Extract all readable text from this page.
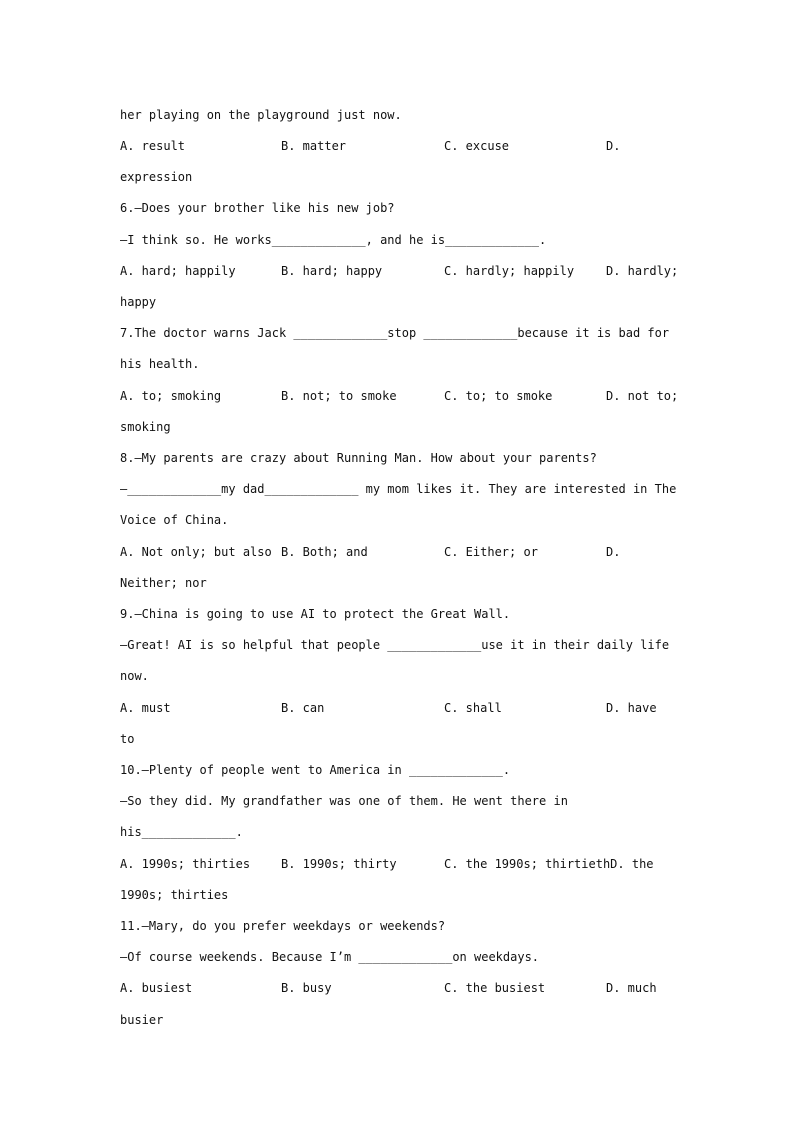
her playing on the playground just now.
A. result	B. matter	C. excuse	D.
expression
6.—Does your brother like his new job?
—I think so. He works_____________, and he is_____________.
A. hard; happily	B. hard; happy	C. hardly; happily	D. hardly;
happy
7.The doctor warns Jack _____________stop _____________because it is bad for
his health.
A. to; smoking	B. not; to smoke	C. to; to smoke	D. not to;
smoking
8.—My parents are crazy about Running Man. How about your parents?
—_____________my dad_____________ my mom likes it. They are interested in The
Voice of China.
A. Not only; but also B. Both; and	C. Either; or	D.
Neither; nor
9.—China is going to use AI to protect the Great Wall.
—Great! AI is so helpful that people _____________use it in their daily life
now.
A. must	B. can	C. shall	D. have
to
10.—Plenty of people went to America in _____________.
—So they did. My grandfather was one of them. He went there in
his_____________.
A. 1990s; thirties	B. 1990s; thirty	C. the 1990s; thirtiethD. the
1990s; thirties
11.—Mary, do you prefer weekdays or weekends?
—Of course weekends. Because I’m _____________on weekdays.
A. busiest	B. busy	C. the busiest	D. much
busier
